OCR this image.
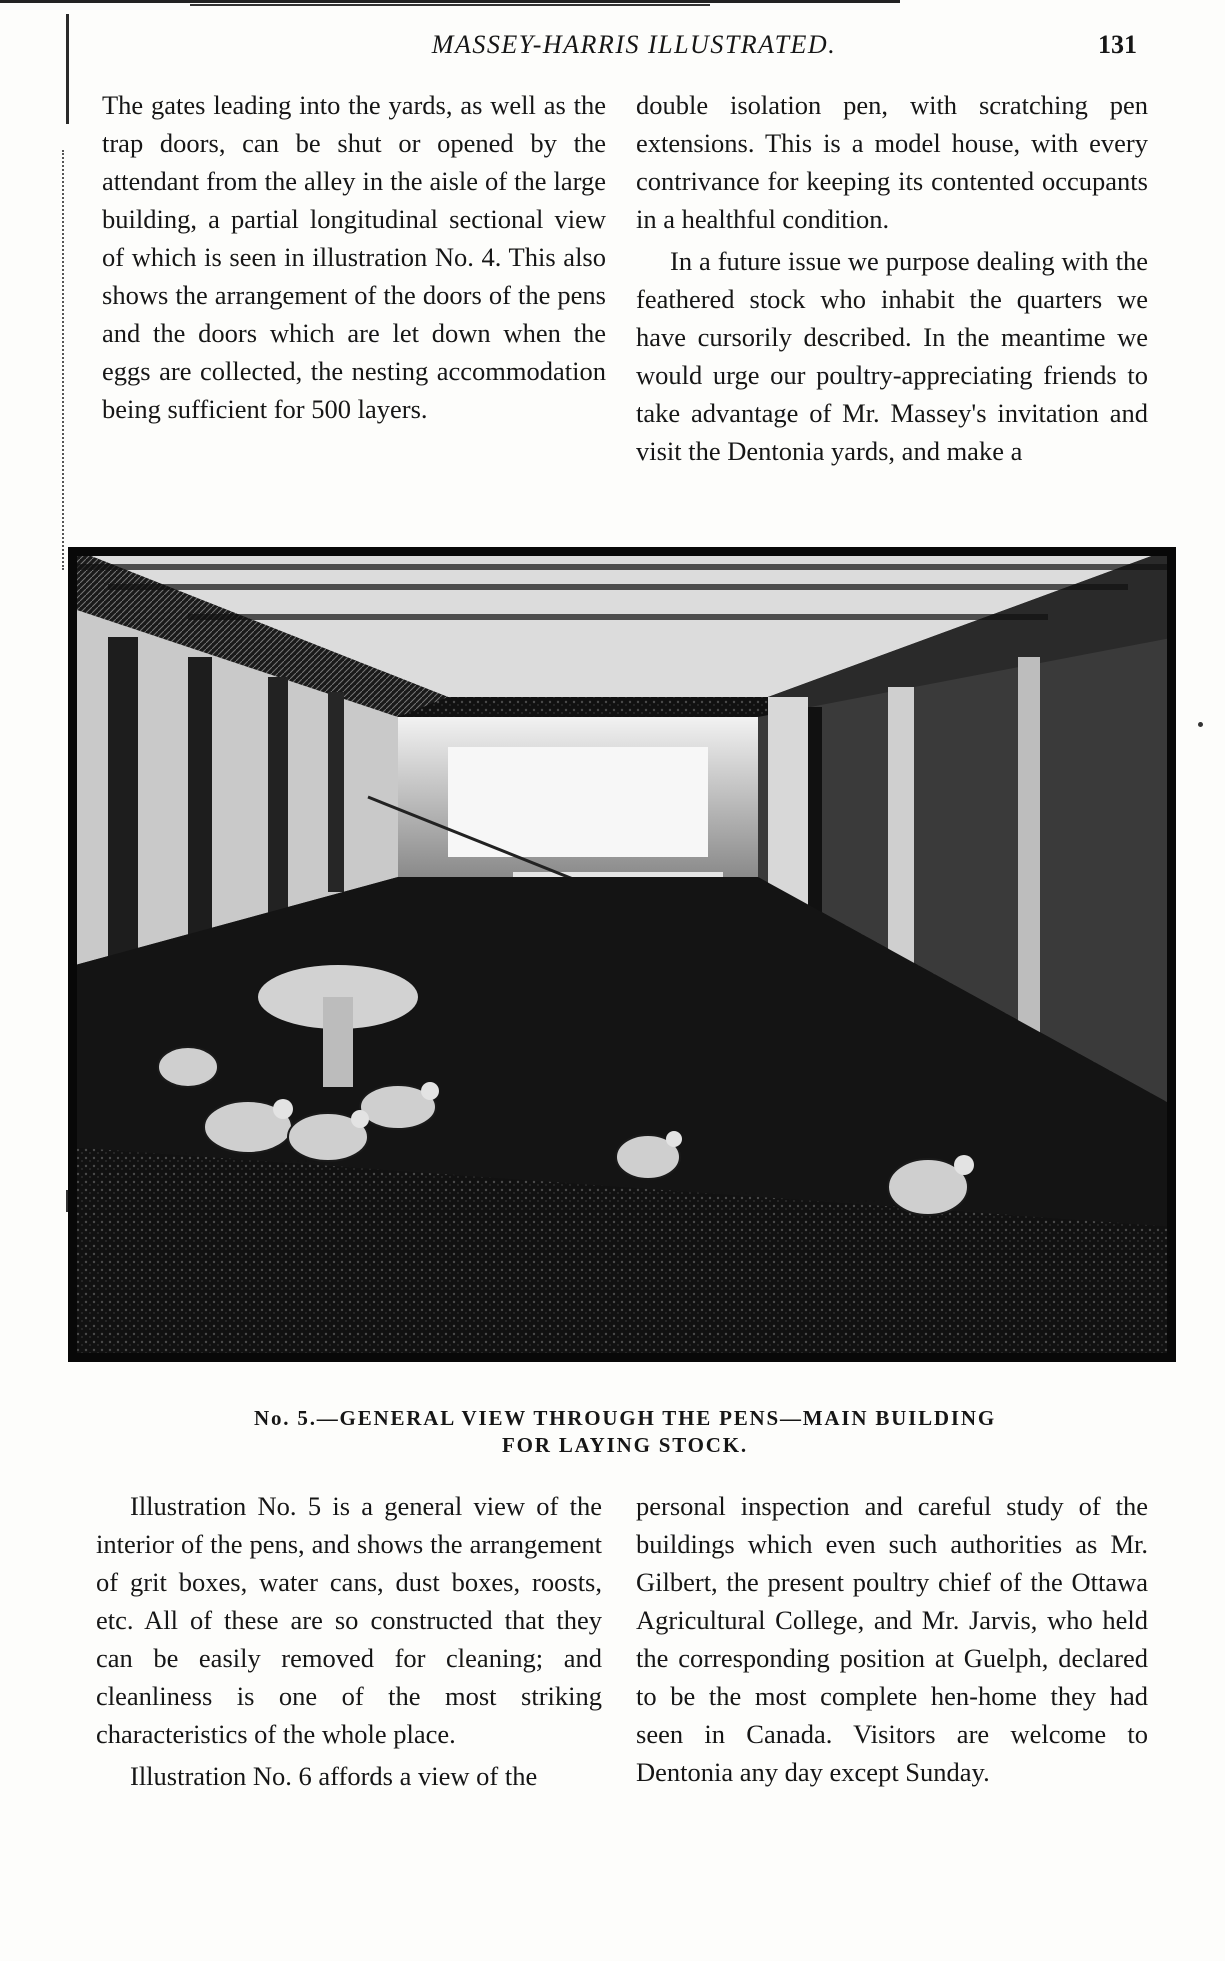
MASSEY-HARRIS ILLUSTRATED.	131

The gates leading into the yards, as well as the trap doors, can be shut or opened by the attendant from the alley in the aisle of the large building, a partial longitudinal sectional view of which is seen in illustration No. 4. This also shows the arrangement of the doors of the pens and the doors which are let down when the eggs are collected, the nesting accommodation being sufficient for 500 layers.

double isolation pen, with scratching pen extensions. This is a model house, with every contrivance for keeping its contented occupants in a healthful condition.

In a future issue we purpose dealing with the feathered stock who inhabit the quarters we have cursorily described. In the meantime we would urge our poultry-appreciating friends to take advantage of Mr. Massey's invitation and visit the Dentonia yards, and make a

No. 5.—GENERAL VIEW THROUGH THE PENS—MAIN BUILDING
FOR LAYING STOCK.

Illustration No. 5 is a general view of the interior of the pens, and shows the arrangement of grit boxes, water cans, dust boxes, roosts, etc. All of these are so constructed that they can be easily removed for cleaning; and cleanliness is one of the most striking characteristics of the whole place.

Illustration No. 6 affords a view of the

personal inspection and careful study of the buildings which even such authorities as Mr. Gilbert, the present poultry chief of the Ottawa Agricultural College, and Mr. Jarvis, who held the corresponding position at Guelph, declared to be the most complete hen-home they had seen in Canada. Visitors are welcome to Dentonia any day except Sunday.
